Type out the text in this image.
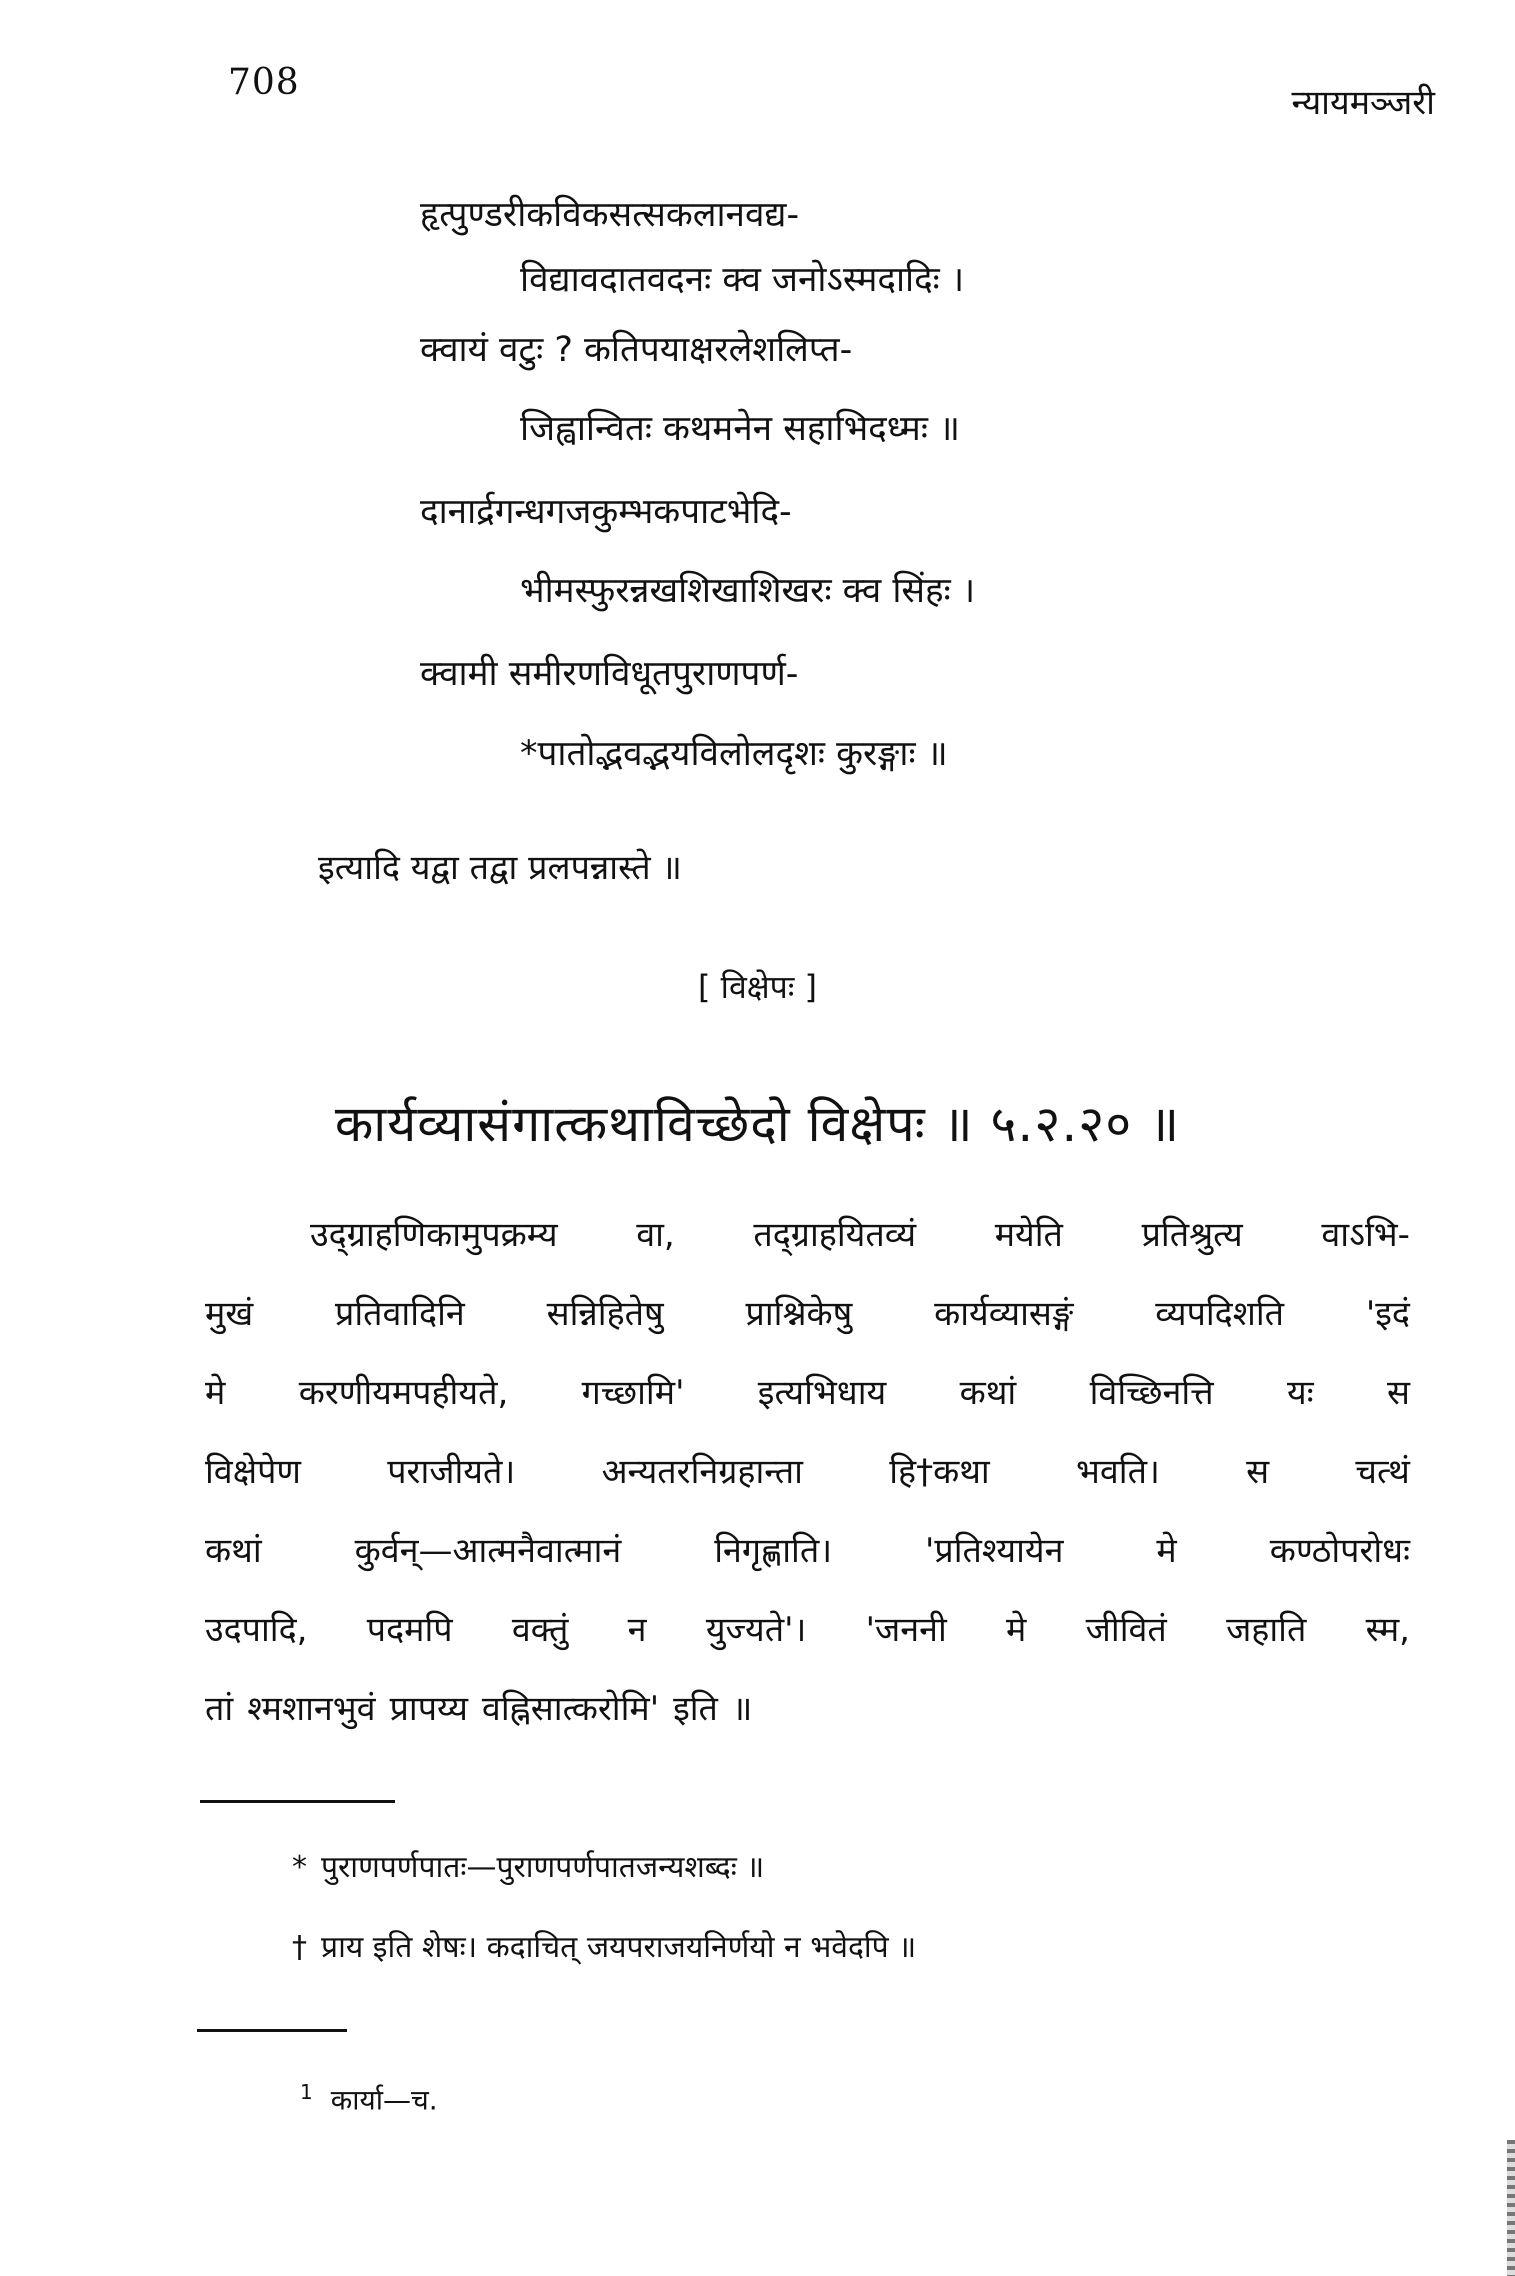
708	न्यायमञ्जरी
हृत्पुण्डरीकविकसत्सकलानवद्य-
विद्यावदातवदनः क्व जनोऽस्मदादिः ।
क्वायं वटुः ? कतिपयाक्षरलेशलिप्त-
जिह्वान्वितः कथमनेन सहाभिदध्मः ॥
दानार्द्रगन्धगजकुम्भकपाटभेदि-
भीमस्फुरन्नखशिखाशिखरः क्व सिंहः ।
क्वामी समीरणविधूतपुराणपर्ण-
*पातोद्भवद्भयविलोलदृशः कुरङ्गाः ॥
इत्यादि यद्वा तद्वा प्रलपन्नास्ते ॥
[ विक्षेपः ]
कार्यव्यासंगात्कथाविच्छेदो विक्षेपः ॥ ५.२.२० ॥
उद्ग्राहणिकामुपक्रम्य वा, तद्ग्राहयितव्यं मयेति प्रतिश्रुत्य वाऽभि-
मुखं प्रतिवादिनि सन्निहितेषु प्राश्निकेषु कार्यव्यासङ्गं व्यपदिशति 'इदं
मे करणीयमपहीयते, गच्छामि' इत्यभिधाय कथां विच्छिनत्ति यः स
विक्षेपेण	पराजीयते।	अन्यतरनिग्रहान्ता	हि†कथा	भवति।	स	चत्थं
कथां	कुर्वन्—आत्मनैवात्मानं	निगृह्णाति।	'प्रतिश्यायेन	मे	कण्ठोपरोधः
उदपादि, पदमपि वक्तुं न युज्यते'। 'जननी मे जीवितं जहाति स्म,
तां श्मशानभुवं प्रापय्य वह्निसात्करोमि' इति ॥
* पुराणपर्णपातः—पुराणपर्णपातजन्यशब्दः ॥
† प्राय इति शेषः। कदाचित् जयपराजयनिर्णयो न भवेदपि ॥
$^1$ कार्या—च.
